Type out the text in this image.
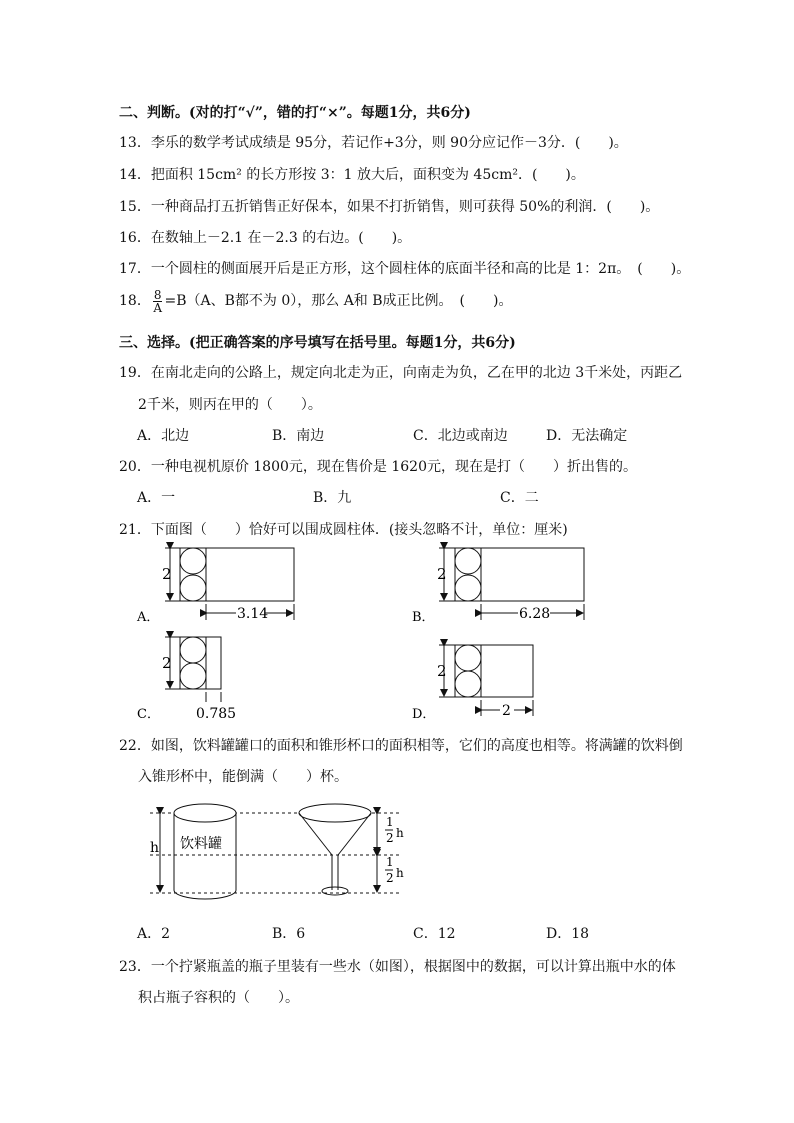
二、判断。(对的打“√”，错的打“×”。每题1分，共6分)
13．李乐的数学考试成绩是 95分，若记作+3分，则 90分应记作－3分．(　　)。
14．把面积 15cm² 的长方形按 3：1 放大后，面积变为 45cm²．(　　)。
15．一种商品打五折销售正好保本，如果不打折销售，则可获得 50%的利润．(　　)。
16．在数轴上－2.1 在－2.3 的右边。(　　)。
17．一个圆柱的侧面展开后是正方形，这个圆柱体的底面半径和高的比是 1：2π。　(　　)。
18． $\frac{8}{A} =B(A$、B都不为 0），那么 A和 B成正比例。　(　　)。
三、选择。(把正确答案的序号填写在括号里。每题1分，共6分)
19．在南北走向的公路上，规定向北走为正，向南走为负，乙在甲的北边 3千米处，丙距乙
2千米，则丙在甲的（　　）。
A．北边	B．南边	C．北边或南边	D．无法确定
20．一种电视机原价 1800元，现在售价是 1620元，现在是打（　　）折出售的。
A．一	B．九	C．二
21．下面图（　　）恰好可以围成圆柱体．(接头忽略不计，单位：厘米)
2
3.14
A．
2
6.28
B．
2
0.785
C．
2
2
D．
h 饮料罐
1
2 h
1
2 h
22．如图，饮料罐罐口的面积和锥形杯口的面积相等，它们的高度也相等。将满罐的饮料倒
入锥形杯中，能倒满（　　）杯。
A．2	B．6	C．12	D．18
23．一个拧紧瓶盖的瓶子里装有一些水（如图），根据图中的数据，可以计算出瓶中水的体
积占瓶子容积的（　　）。
